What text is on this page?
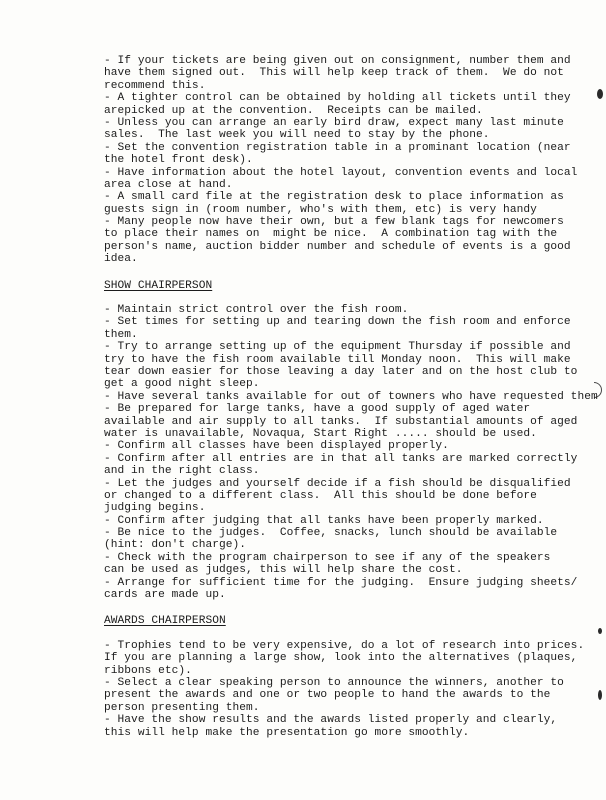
- If your tickets are being given out on consignment, number them and
have them signed out.  This will help keep track of them.  We do not
recommend this.
- A tighter control can be obtained by holding all tickets until they
arepicked up at the convention.  Receipts can be mailed.
- Unless you can arrange an early bird draw, expect many last minute
sales.  The last week you will need to stay by the phone.
- Set the convention registration table in a prominant location (near
the hotel front desk).
- Have information about the hotel layout, convention events and local
area close at hand.
- A small card file at the registration desk to place information as
guests sign in (room number, who's with them, etc) is very handy
- Many people now have their own, but a few blank tags for newcomers
to place their names on  might be nice.  A combination tag with the
person's name, auction bidder number and schedule of events is a good
idea.
SHOW CHAIRPERSON
- Maintain strict control over the fish room.
- Set times for setting up and tearing down the fish room and enforce
them.
- Try to arrange setting up of the equipment Thursday if possible and
try to have the fish room available till Monday noon.  This will make
tear down easier for those leaving a day later and on the host club to
get a good night sleep.
- Have several tanks available for out of towners who have requested them
- Be prepared for large tanks, have a good supply of aged water
available and air supply to all tanks.  If substantial amounts of aged
water is unavailable, Novaqua, Start Right ..... should be used.
- Confirm all classes have been displayed properly.
- Confirm after all entries are in that all tanks are marked correctly
and in the right class.
- Let the judges and yourself decide if a fish should be disqualified
or changed to a different class.  All this should be done before
judging begins.
- Confirm after judging that all tanks have been properly marked.
- Be nice to the judges.  Coffee, snacks, lunch should be available
(hint: don't charge).
- Check with the program chairperson to see if any of the speakers
can be used as judges, this will help share the cost.
- Arrange for sufficient time for the judging.  Ensure judging sheets/
cards are made up.
AWARDS CHAIRPERSON
- Trophies tend to be very expensive, do a lot of research into prices.
If you are planning a large show, look into the alternatives (plaques,
ribbons etc).
- Select a clear speaking person to announce the winners, another to
present the awards and one or two people to hand the awards to the
person presenting them.
- Have the show results and the awards listed properly and clearly,
this will help make the presentation go more smoothly.
